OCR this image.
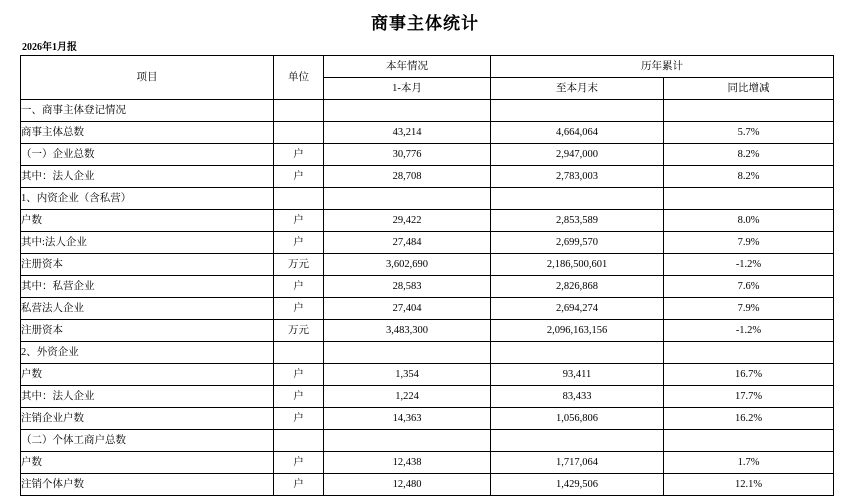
商事主体统计
2026年1月报
项目	单位	本年情况	历年累计	
		1-本月	至本月末	同比增减
一、商事主体登记情况				
商事主体总数		43,214	4,664,064	5.7%
（一）企业总数	户	30,776	2,947,000	8.2%
其中：法人企业	户	28,708	2,783,003	8.2%
1、内资企业（含私营）				
户数	户	29,422	2,853,589	8.0%
其中:法人企业	户	27,484	2,699,570	7.9%
注册资本	万元	3,602,690	2,186,500,601	-1.2%
其中：私营企业	户	28,583	2,826,868	7.6%
私营法人企业	户	27,404	2,694,274	7.9%
注册资本	万元	3,483,300	2,096,163,156	-1.2%
2、外资企业				
户数	户	1,354	93,411	16.7%
其中：法人企业	户	1,224	83,433	17.7%
注销企业户数	户	14,363	1,056,806	16.2%
（二）个体工商户总数				
户数	户	12,438	1,717,064	1.7%
注销个体户数	户	12,480	1,429,506	12.1%
